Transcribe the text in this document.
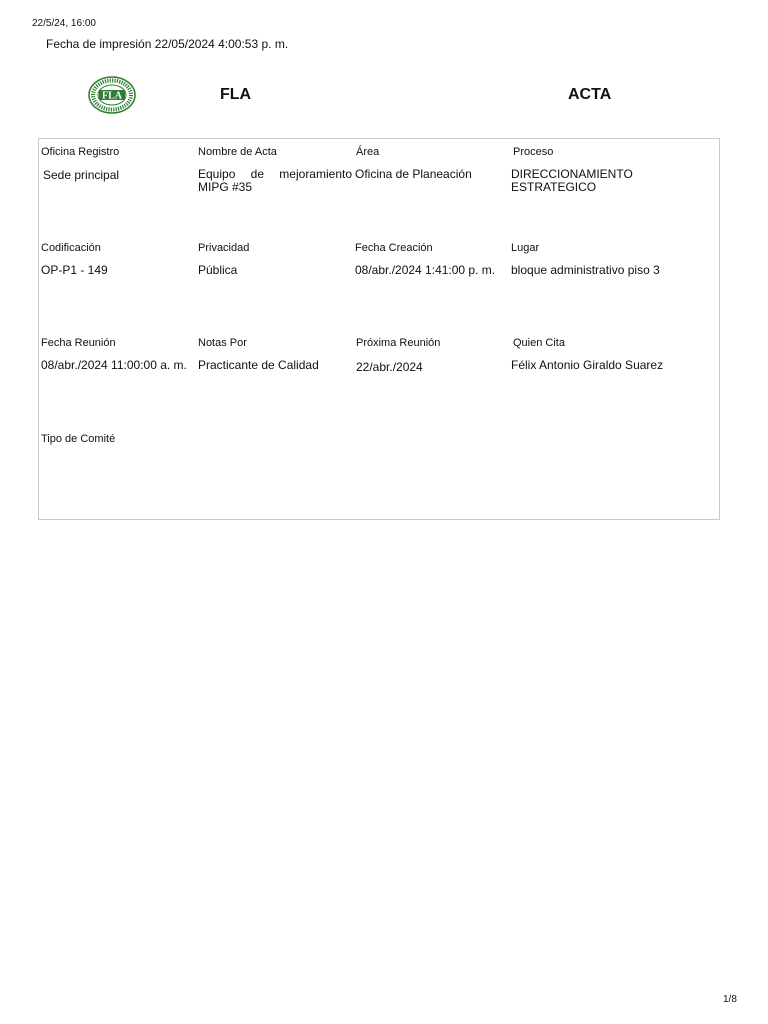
22/5/24, 16:00
Fecha de impresión 22/05/2024 4:00:53 p. m.
FLA	FLA	ACTA
Oficina Registro
Sede principal
Nombre de Acta
Equipo de mejoramiento MIPG #35
Área
Oficina de Planeación
Proceso
DIRECCIONAMIENTO ESTRATEGICO
Codificación
OP-P1 - 149
Privacidad
Pública
Fecha Creación
08/abr./2024 1:41:00 p. m.
Lugar
bloque administrativo piso 3
Fecha Reunión
08/abr./2024 11:00:00 a. m.
Notas Por
Practicante de Calidad
Próxima Reunión
22/abr./2024
Quien Cita
Félix Antonio Giraldo Suarez
Tipo de Comité
1/8
